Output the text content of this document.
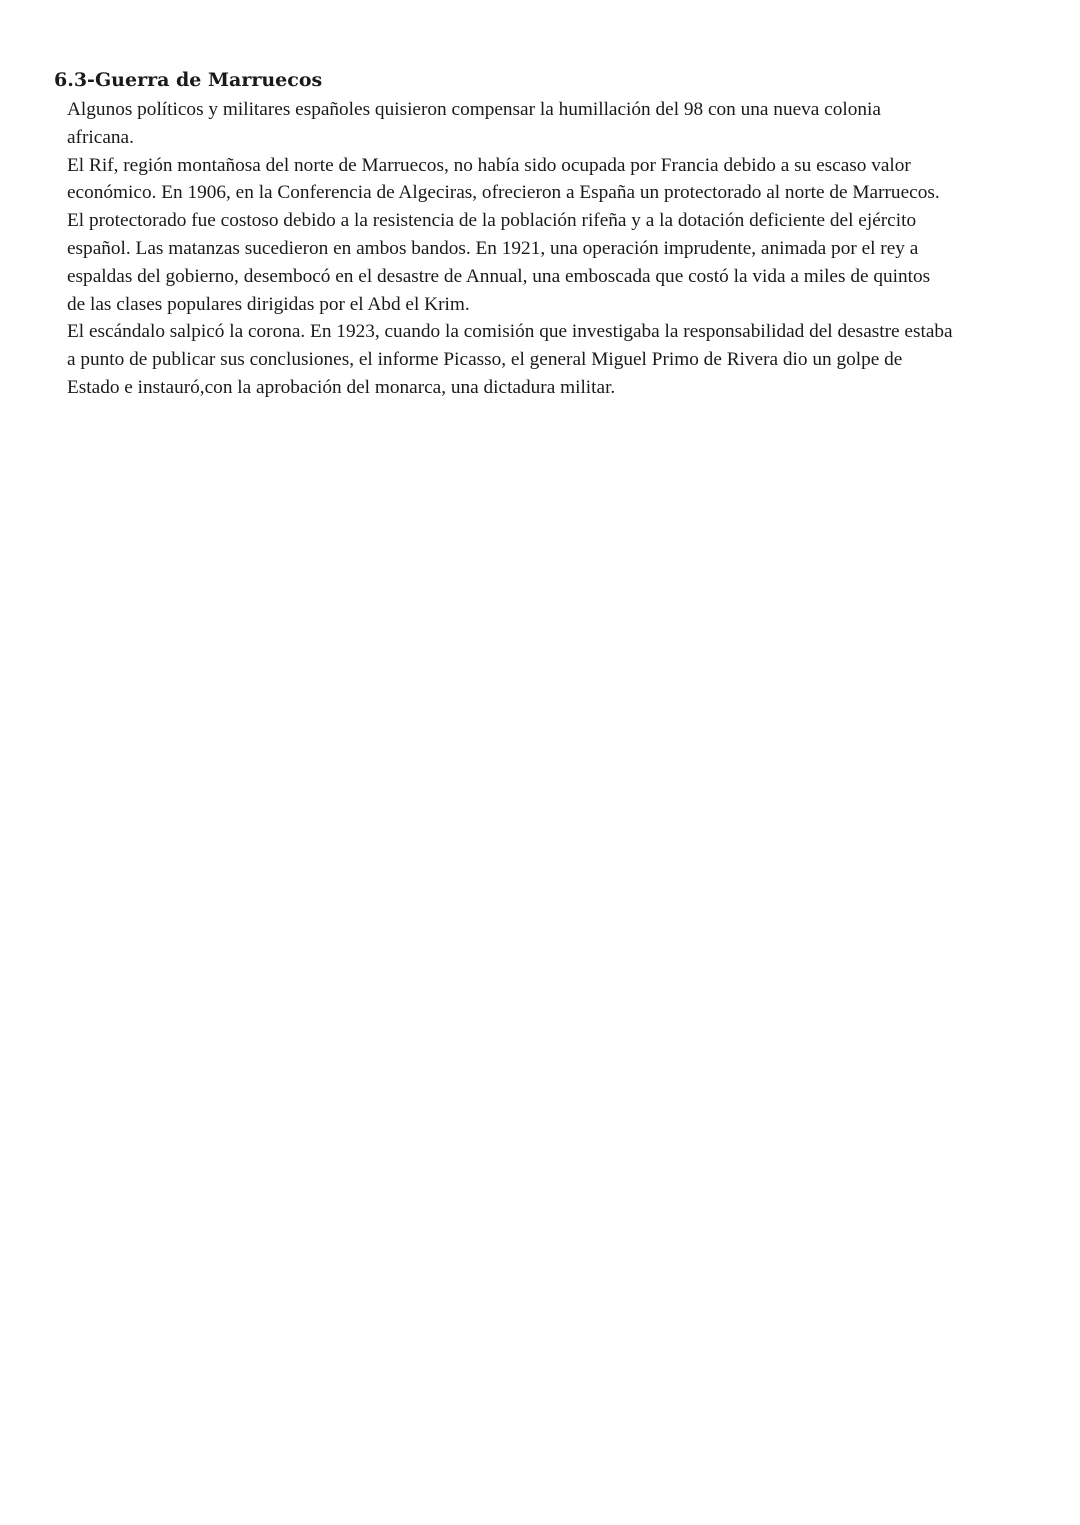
6.3-Guerra de Marruecos
Algunos políticos y militares españoles quisieron compensar la humillación del 98 con una nueva colonia
africana.
El Rif, región montañosa del norte de Marruecos, no había sido ocupada por Francia debido a su escaso valor
económico. En 1906, en la Conferencia de Algeciras, ofrecieron a España un protectorado al norte de Marruecos.
El protectorado fue costoso debido a la resistencia de la población rifeña y a la dotación deficiente del ejército
español. Las matanzas sucedieron en ambos bandos. En 1921, una operación imprudente, animada por el rey a
espaldas del gobierno, desembocó en el desastre de Annual, una emboscada que costó la vida a miles de quintos
de las clases populares dirigidas por el Abd el Krim.
El escándalo salpicó la corona. En 1923, cuando la comisión que investigaba la responsabilidad del desastre estaba
a punto de publicar sus conclusiones, el informe Picasso, el general Miguel Primo de Rivera dio un golpe de
Estado e instauró,con la aprobación del monarca, una dictadura militar.
